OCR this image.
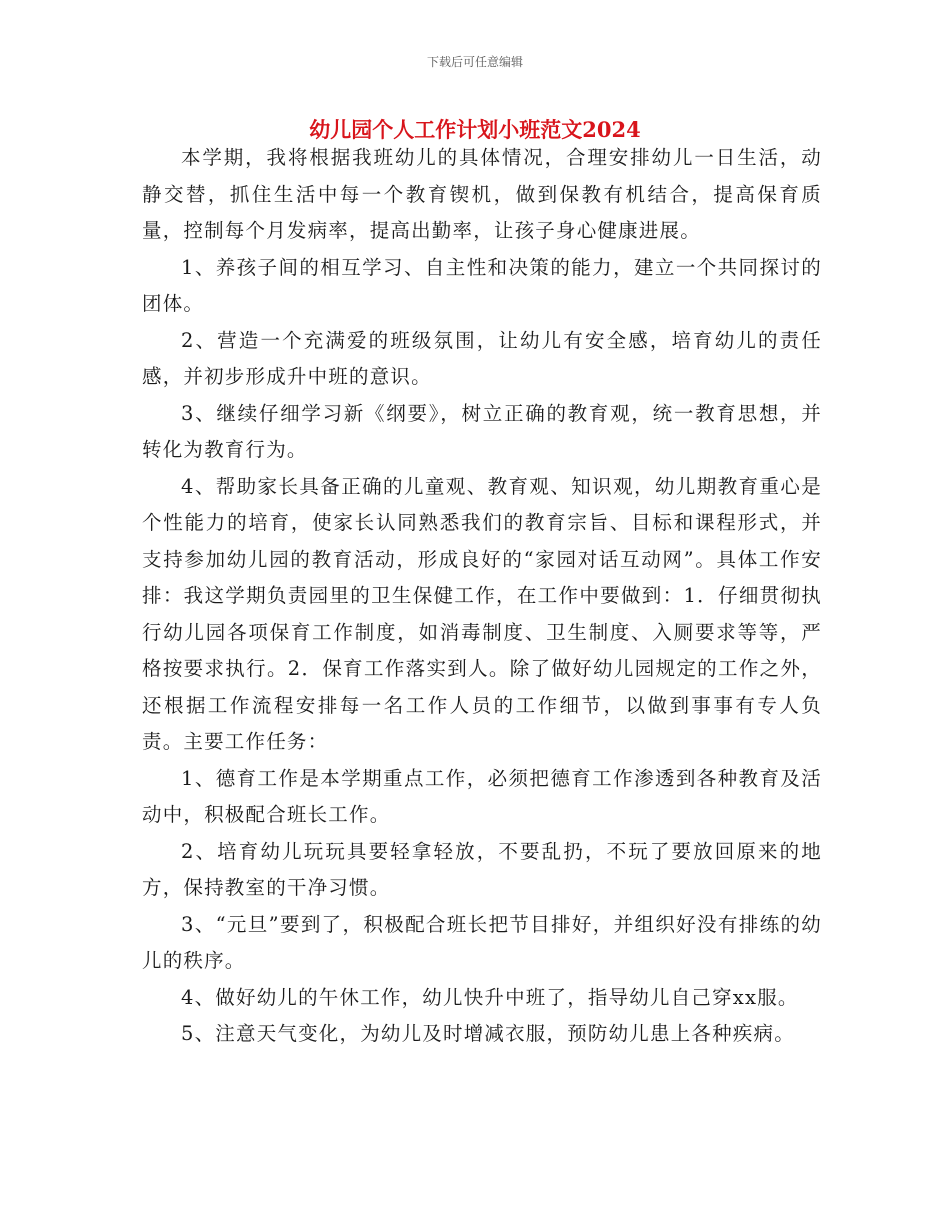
下载后可任意编辑
幼儿园个人工作计划小班范文2024

本学期，我将根据我班幼儿的具体情况，合理安排幼儿一日生活，动静交替，抓住生活中每一个教育锲机，做到保教有机结合，提高保育质量，控制每个月发病率，提高出勤率，让孩子身心健康进展。

1、养孩子间的相互学习、自主性和决策的能力，建立一个共同探讨的团体。

2、营造一个充满爱的班级氛围，让幼儿有安全感，培育幼儿的责任感，并初步形成升中班的意识。

3、继续仔细学习新《纲要》，树立正确的教育观，统一教育思想，并转化为教育行为。

4、帮助家长具备正确的儿童观、教育观、知识观，幼儿期教育重心是个性能力的培育，使家长认同熟悉我们的教育宗旨、目标和课程形式，并支持参加幼儿园的教育活动，形成良好的“家园对话互动网”。具体工作安排：我这学期负责园里的卫生保健工作，在工作中要做到：1．仔细贯彻执行幼儿园各项保育工作制度，如消毒制度、卫生制度、入厕要求等等，严格按要求执行。2．保育工作落实到人。除了做好幼儿园规定的工作之外，还根据工作流程安排每一名工作人员的工作细节，以做到事事有专人负责。主要工作任务：

1、德育工作是本学期重点工作，必须把德育工作渗透到各种教育及活动中，积极配合班长工作。

2、培育幼儿玩玩具要轻拿轻放，不要乱扔，不玩了要放回原来的地方，保持教室的干净习惯。

3、“元旦”要到了，积极配合班长把节目排好，并组织好没有排练的幼儿的秩序。

4、做好幼儿的午休工作，幼儿快升中班了，指导幼儿自己穿xx服。

5、注意天气变化，为幼儿及时增减衣服，预防幼儿患上各种疾病。
